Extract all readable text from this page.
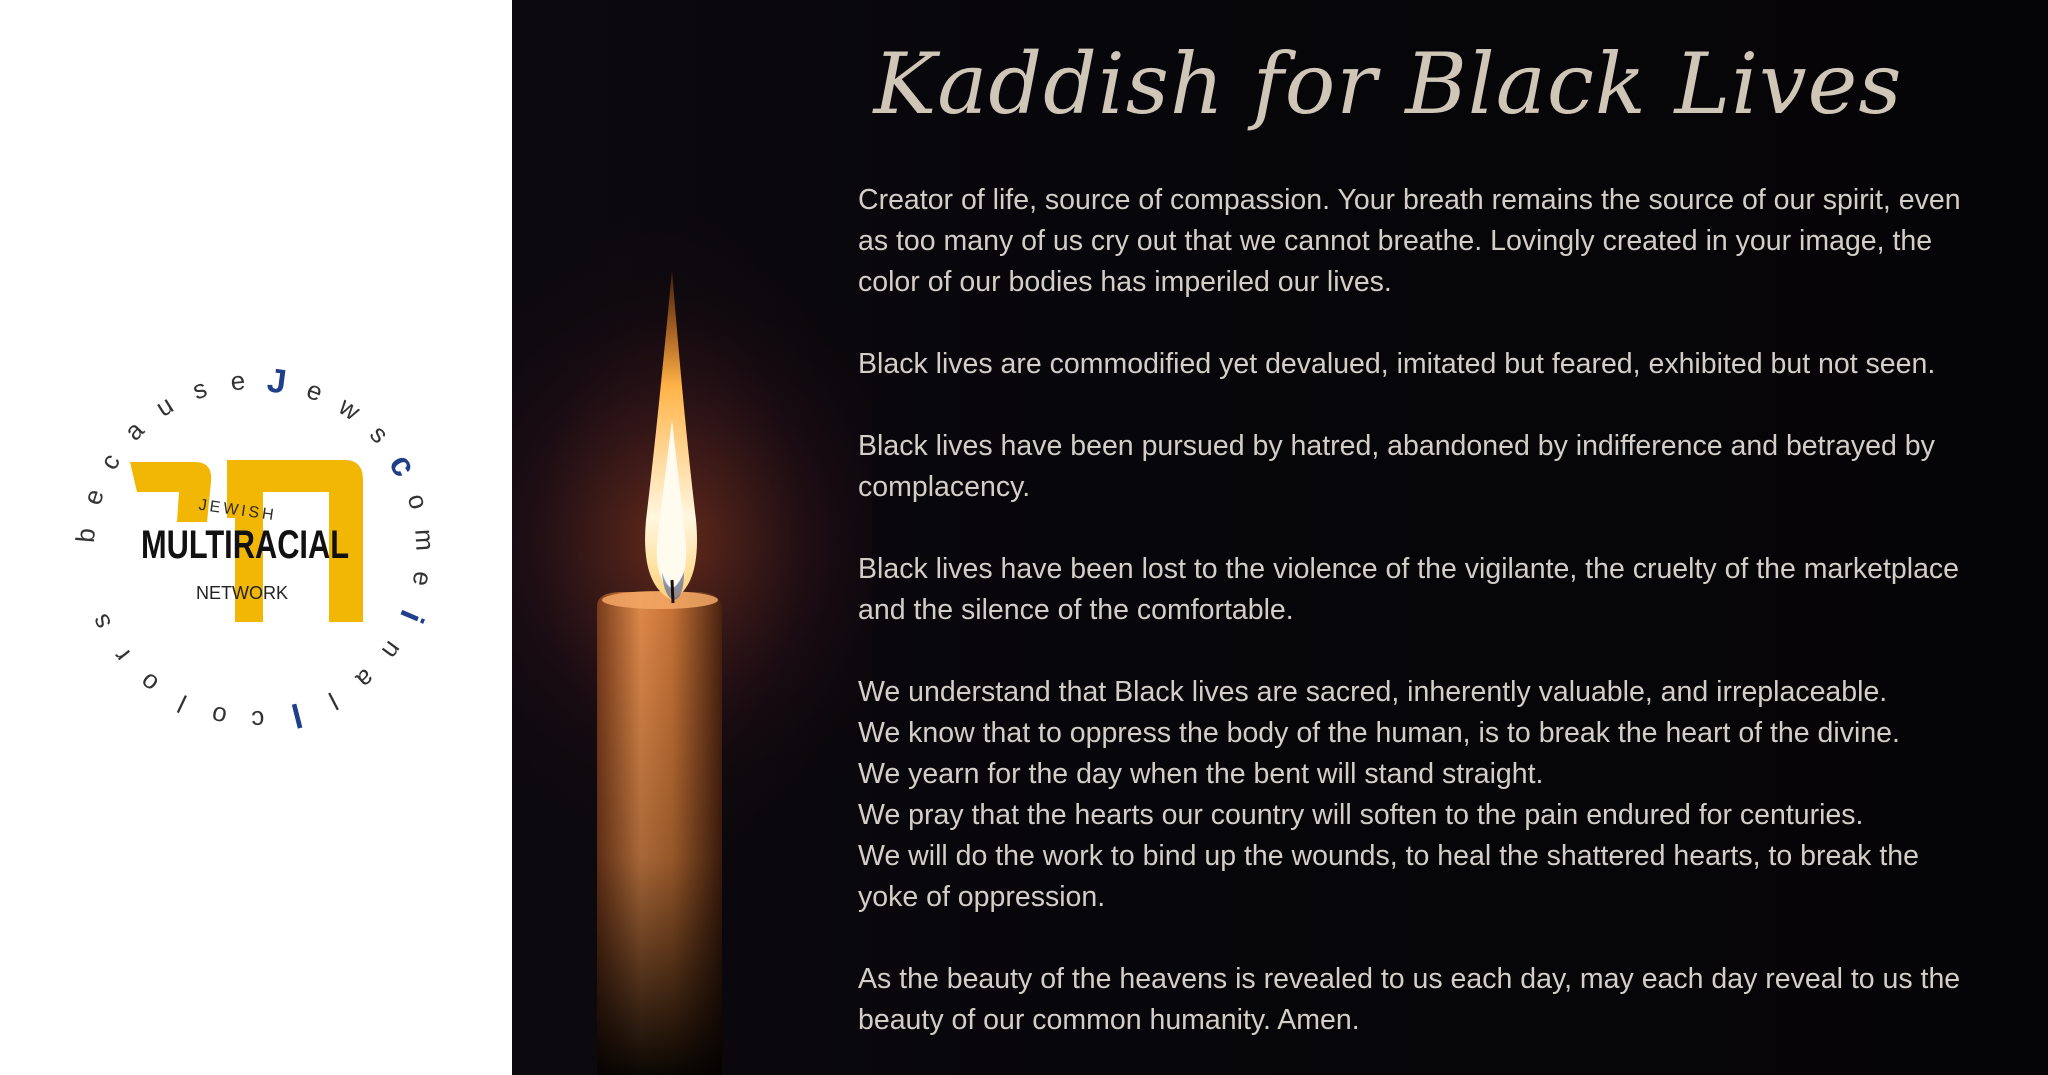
b
e
c
a
u
s e J e
w
s
c
o
m
e
i
n
a
l
l
c
o
l
o
r
s
JEWISH
MULTIRACIAL
NETWORK
Kaddish for Black Lives

Creator of life, source of compassion. Your breath remains the source of our spirit, even
as too many of us cry out that we cannot breathe. Lovingly created in your image, the
color of our bodies has imperiled our lives.

Black lives are commodified yet devalued, imitated but feared, exhibited but not seen.

Black lives have been pursued by hatred, abandoned by indifference and betrayed by
complacency.

Black lives have been lost to the violence of the vigilante, the cruelty of the marketplace
and the silence of the comfortable.

We understand that Black lives are sacred, inherently valuable, and irreplaceable.
We know that to oppress the body of the human, is to break the heart of the divine.
We yearn for the day when the bent will stand straight.
We pray that the hearts our country will soften to the pain endured for centuries.
We will do the work to bind up the wounds, to heal the shattered hearts, to break the
yoke of oppression.

As the beauty of the heavens is revealed to us each day, may each day reveal to us the
beauty of our common humanity. Amen.
